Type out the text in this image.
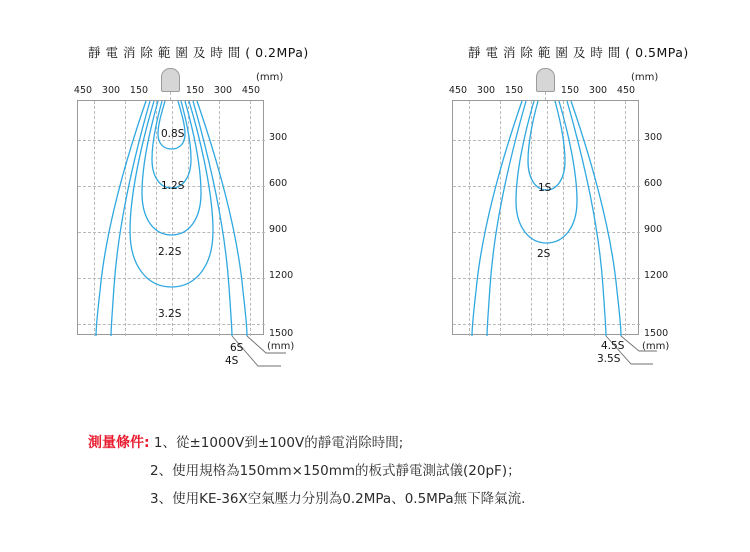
靜 電 消 除 範 圍 及 時 間 ( 0.2MPa)
(mm)
450	300	150	150	300	450
300
600
900
1200
1500
(mm)
0.8S
1.2S
2.2S
3.2S
6S
4S
靜 電 消 除 範 圍 及 時 間 ( 0.5MPa)
(mm)
450	300	150	150	300	450
300
600
900
1200
1500
(mm)
1S
2S
4.5S
3.5S
測量條件: 1、從±1000V到±100V的靜電消除時間;
2、使用規格為150mm×150mm的板式靜電測試儀(20pF)；
3、使用KE-36X空氣壓力分別為0.2MPa、0.5MPa無下降氣流.
